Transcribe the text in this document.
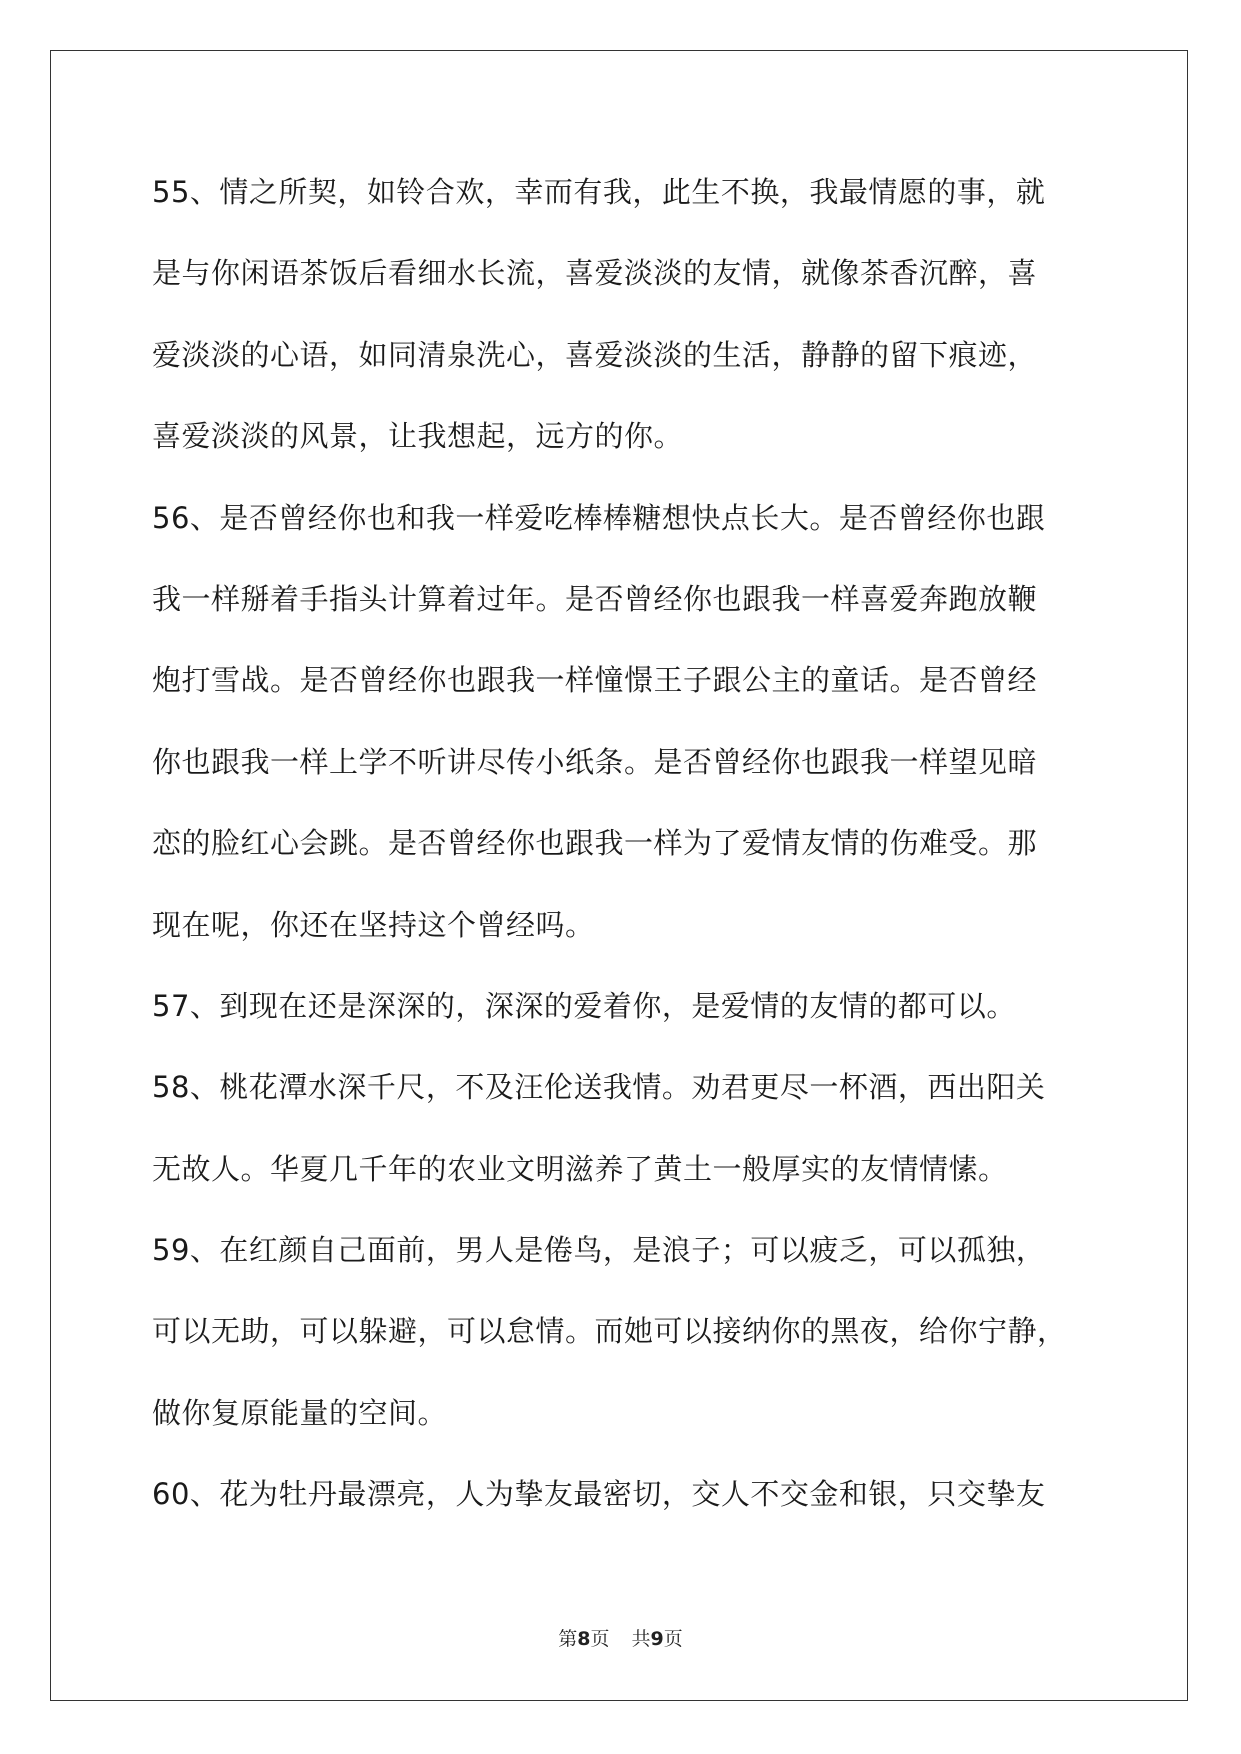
55、情之所契，如铃合欢，幸而有我，此生不换，我最情愿的事，就
是与你闲语茶饭后看细水长流，喜爱淡淡的友情，就像茶香沉醉，喜
爱淡淡的心语，如同清泉洗心，喜爱淡淡的生活，静静的留下痕迹，
喜爱淡淡的风景，让我想起，远方的你。
56、是否曾经你也和我一样爱吃棒棒糖想快点长大。是否曾经你也跟
我一样掰着手指头计算着过年。是否曾经你也跟我一样喜爱奔跑放鞭
炮打雪战。是否曾经你也跟我一样憧憬王子跟公主的童话。是否曾经
你也跟我一样上学不听讲尽传小纸条。是否曾经你也跟我一样望见暗
恋的脸红心会跳。是否曾经你也跟我一样为了爱情友情的伤难受。那
现在呢，你还在坚持这个曾经吗。
57、到现在还是深深的，深深的爱着你，是爱情的友情的都可以。
58、桃花潭水深千尺，不及汪伦送我情。劝君更尽一杯酒，西出阳关
无故人。华夏几千年的农业文明滋养了黄土一般厚实的友情情愫。
59、在红颜自己面前，男人是倦鸟，是浪子；可以疲乏，可以孤独，
可以无助，可以躲避，可以怠情。而她可以接纳你的黑夜，给你宁静，
做你复原能量的空间。
60、花为牡丹最漂亮，人为挚友最密切，交人不交金和银，只交挚友
第8页 共9页
